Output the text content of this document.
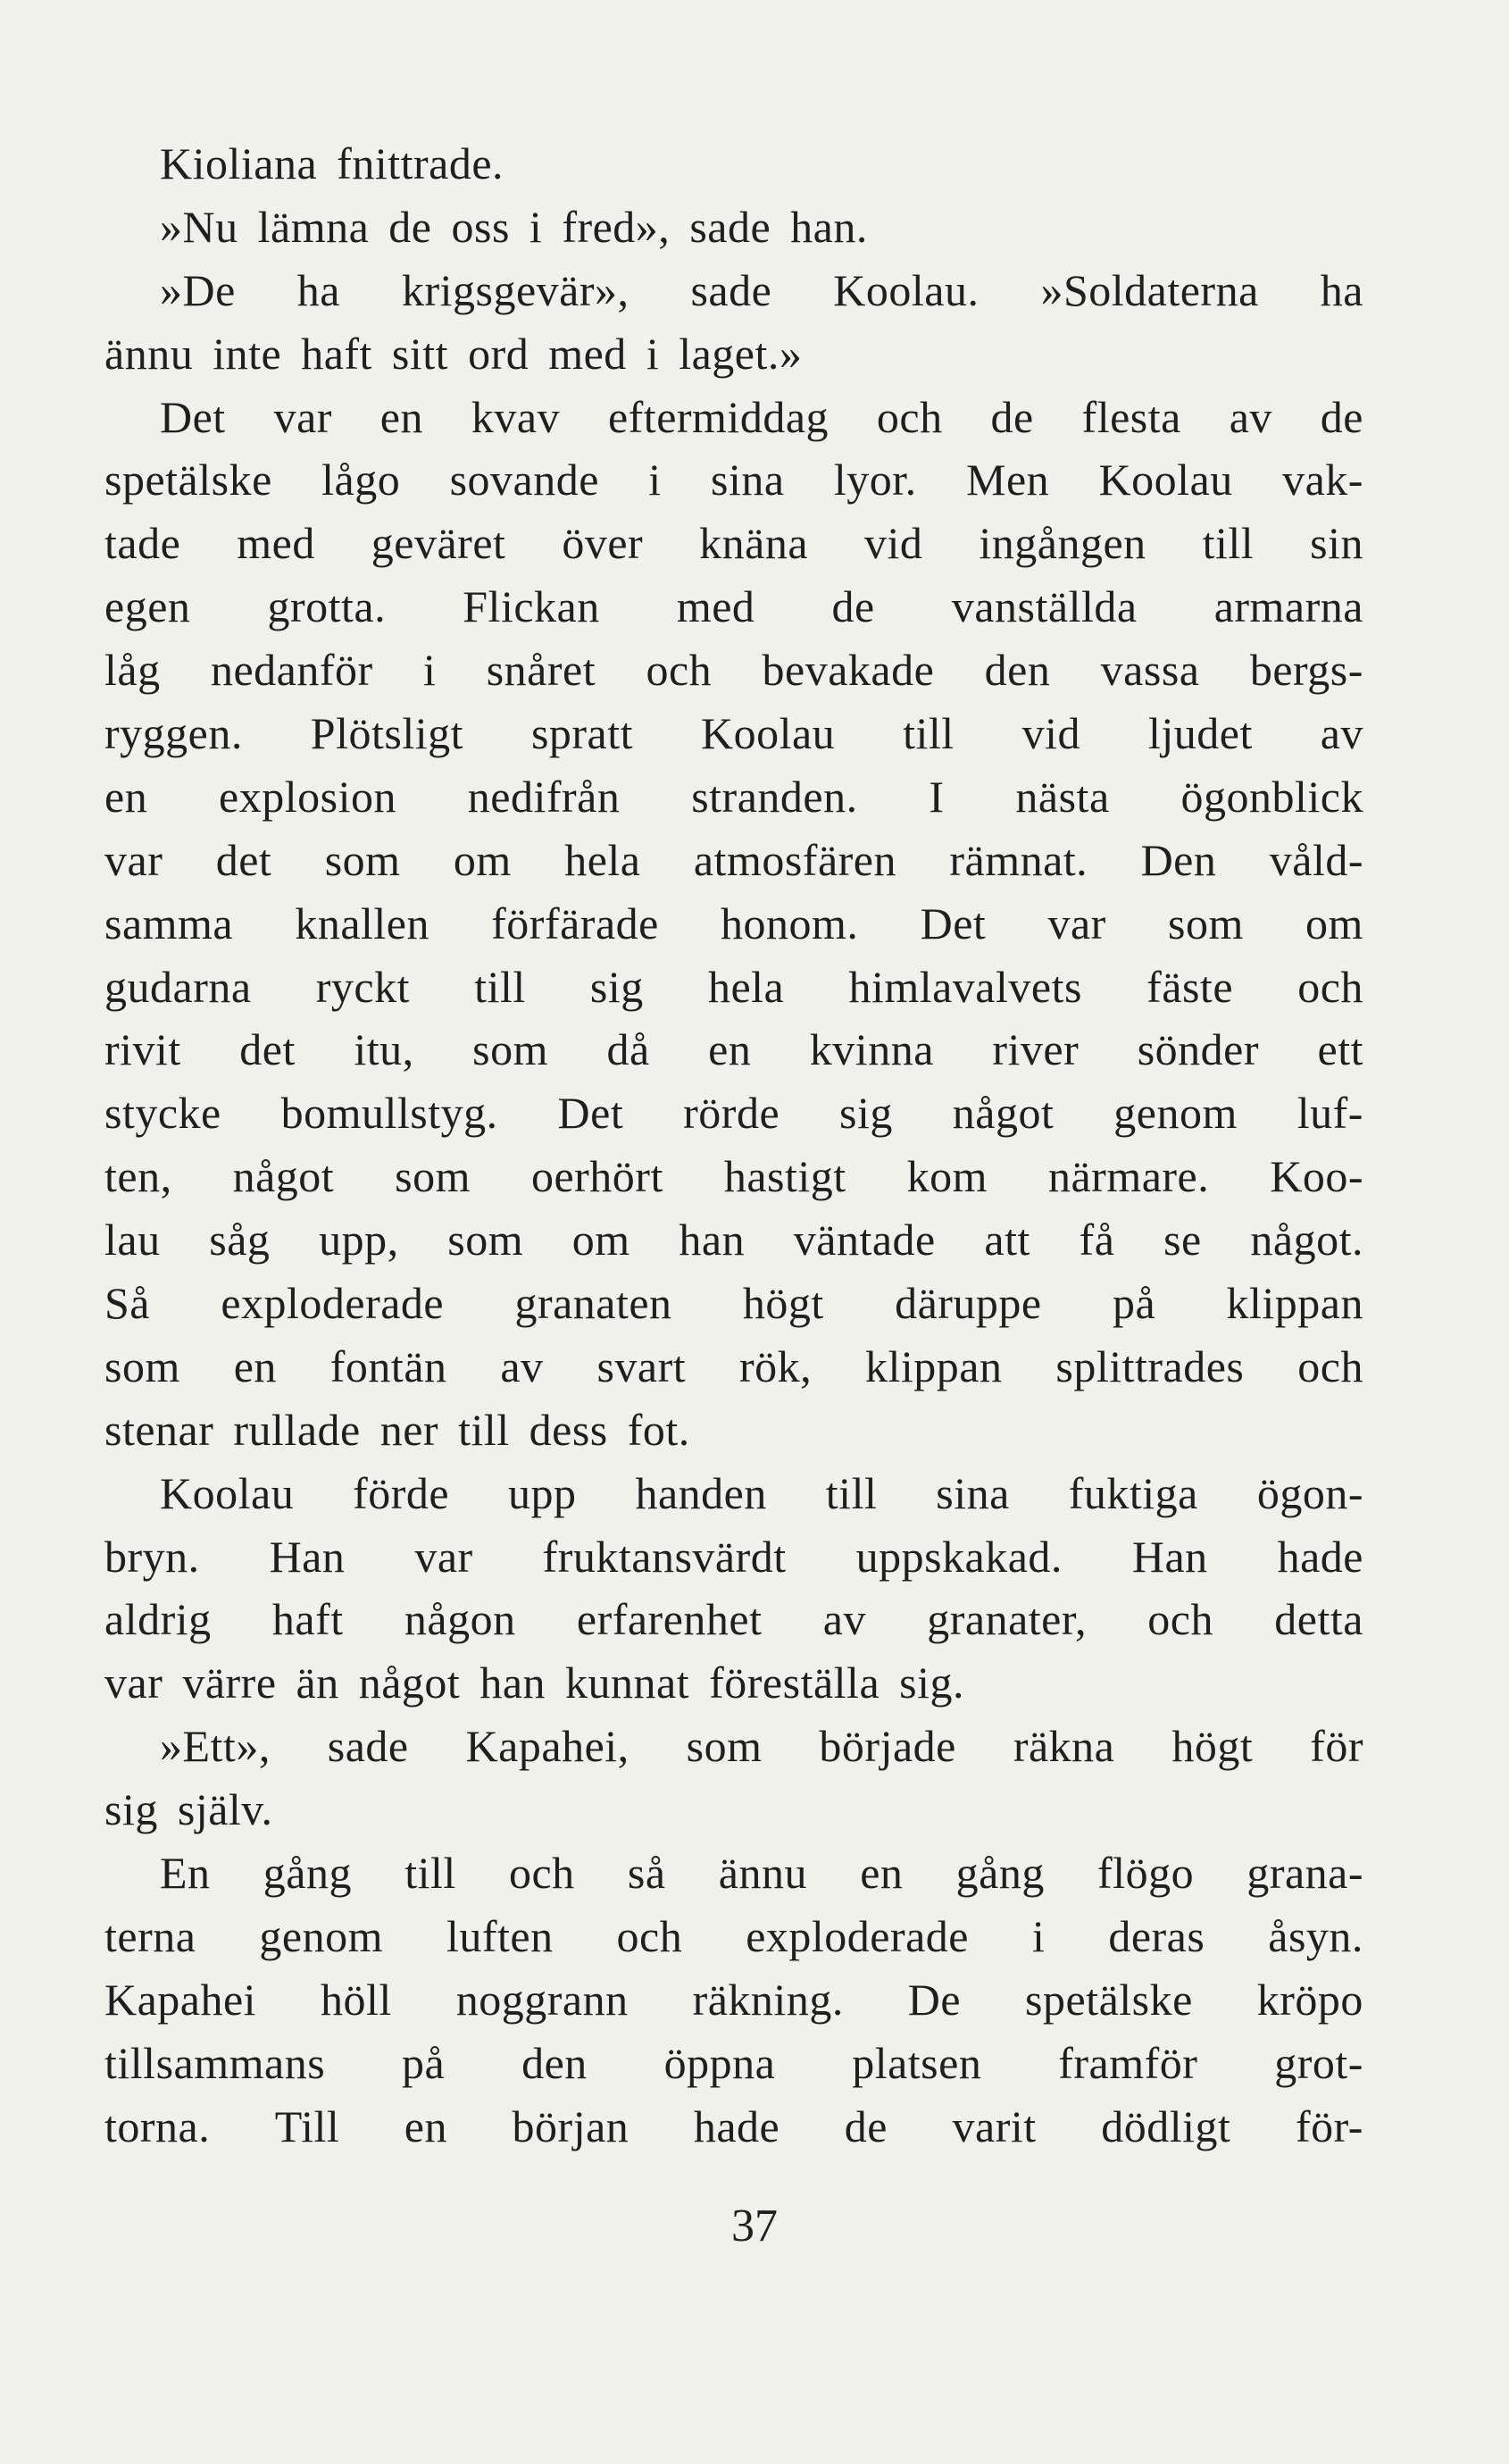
Kioliana fnittrade.
»Nu lämna de oss i fred», sade han.
»De ha krigsgevär», sade Koolau. »Soldaterna ha
ännu inte haft sitt ord med i laget.»
Det var en kvav eftermiddag och de flesta av de
spetälske lågo sovande i sina lyor. Men Koolau vak-
tade med geväret över knäna vid ingången till sin
egen grotta. Flickan med de vanställda armarna
låg nedanför i snåret och bevakade den vassa bergs-
ryggen. Plötsligt spratt Koolau till vid ljudet av
en explosion nedifrån stranden. I nästa ögonblick
var det som om hela atmosfären rämnat. Den våld-
samma knallen förfärade honom. Det var som om
gudarna ryckt till sig hela himlavalvets fäste och
rivit det itu, som då en kvinna river sönder ett
stycke bomullstyg. Det rörde sig något genom luf-
ten, något som oerhört hastigt kom närmare. Koo-
lau såg upp, som om han väntade att få se något.
Så exploderade granaten högt däruppe på klippan
som en fontän av svart rök, klippan splittrades och
stenar rullade ner till dess fot.
Koolau förde upp handen till sina fuktiga ögon-
bryn. Han var fruktansvärdt uppskakad. Han hade
aldrig haft någon erfarenhet av granater, och detta
var värre än något han kunnat föreställa sig.
»Ett», sade Kapahei, som började räkna högt för
sig själv.
En gång till och så ännu en gång flögo grana-
terna genom luften och exploderade i deras åsyn.
Kapahei höll noggrann räkning. De spetälske kröpo
tillsammans på den öppna platsen framför grot-
torna. Till en början hade de varit dödligt för-
37
